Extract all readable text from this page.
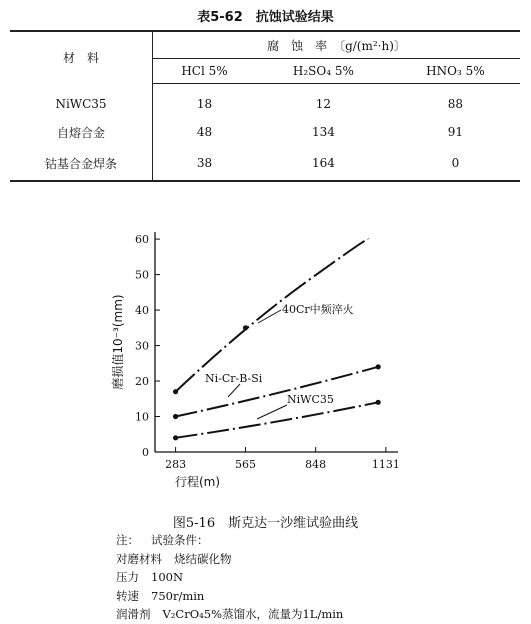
表5-62　抗蚀试验结果
材　料	腐　蚀　率　〔g/(m²·h)〕		
	HCl 5%	H₂SO₄ 5%	HNO₃ 5%
NiWC35	18	12	88
自熔合金	48	134	91
钴基合金焊条	38	164	0
0
10
20
30
40
50
60
283	565	848	1131
行程(m)
磨损值10⁻³(mm)	40Cr中频淬火
Ni-Cr-B-Si
NiWC35
图5-16　斯克达一沙维试验曲线
注： 试验条件：
对磨材料 烧结碳化物
压力 100N
转速 750r/min
润滑剂 V₂CrO₄5%蒸馏水，流量为1L/min
